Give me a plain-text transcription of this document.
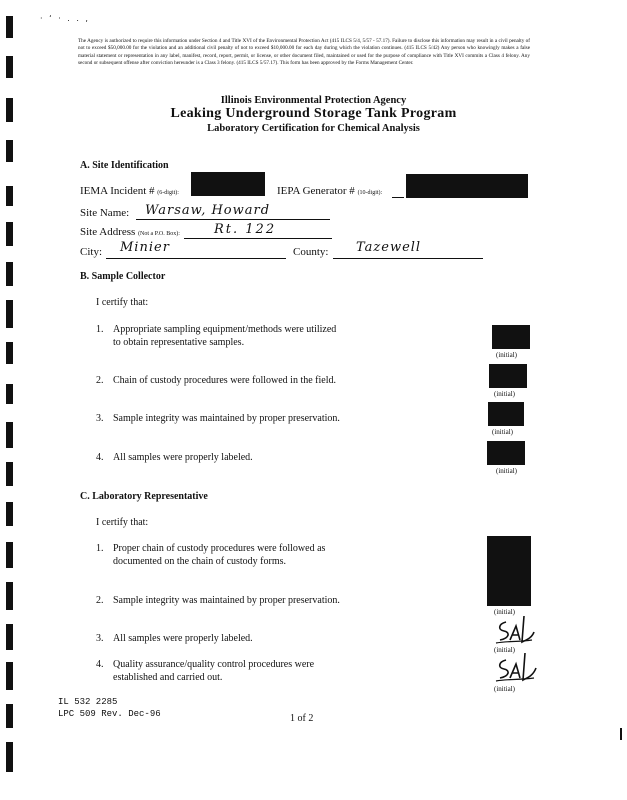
· ‘ · . . ,
The Agency is authorized to require this information under Section 4 and Title XVI of the Environmental Protection Act (415 ILCS 5/4, 5/57 - 57.17). Failure to disclose this information may result in a civil penalty of not to exceed $50,000.00 for the violation and an additional civil penalty of not to exceed $10,000.00 for each day during which the violation continues. (415 ILCS 5/42) Any person who knowingly makes a false material statement or representation in any label, manifest, record, report, permit, or license, or other document filed, maintained or used for the purpose of compliance with Title XVI commits a Class 4 felony. Any second or subsequent offense after conviction hereunder is a Class 3 felony. (415 ILCS 5/57.17). This form has been approved by the Forms Management Center.
Illinois Environmental Protection Agency
Leaking Underground Storage Tank Program
Laboratory Certification for Chemical Analysis
A. Site Identification
IEMA Incident # (6-digit):	IEPA Generator # (10-digit):
Site Name: Warsaw, Howard
Site Address (Not a P.O. Box):	Rt. 122
City: Minier	County: Tazewell
B. Sample Collector
I certify that:
1. Appropriate sampling equipment/methods were utilized
to obtain representative samples.
(initial)
2. Chain of custody procedures were followed in the field.
(initial)
3. Sample integrity was maintained by proper preservation.
(initial)
4. All samples were properly labeled.
(initial)
C. Laboratory Representative
I certify that:
1. Proper chain of custody procedures were followed as
documented on the chain of custody forms.
2. Sample integrity was maintained by proper preservation.
(initial)
3. All samples were properly labeled.
(initial)
4. Quality assurance/quality control procedures were
established and carried out.
(initial)
IL 532 2285
LPC 509 Rev. Dec-96	1 of 2
